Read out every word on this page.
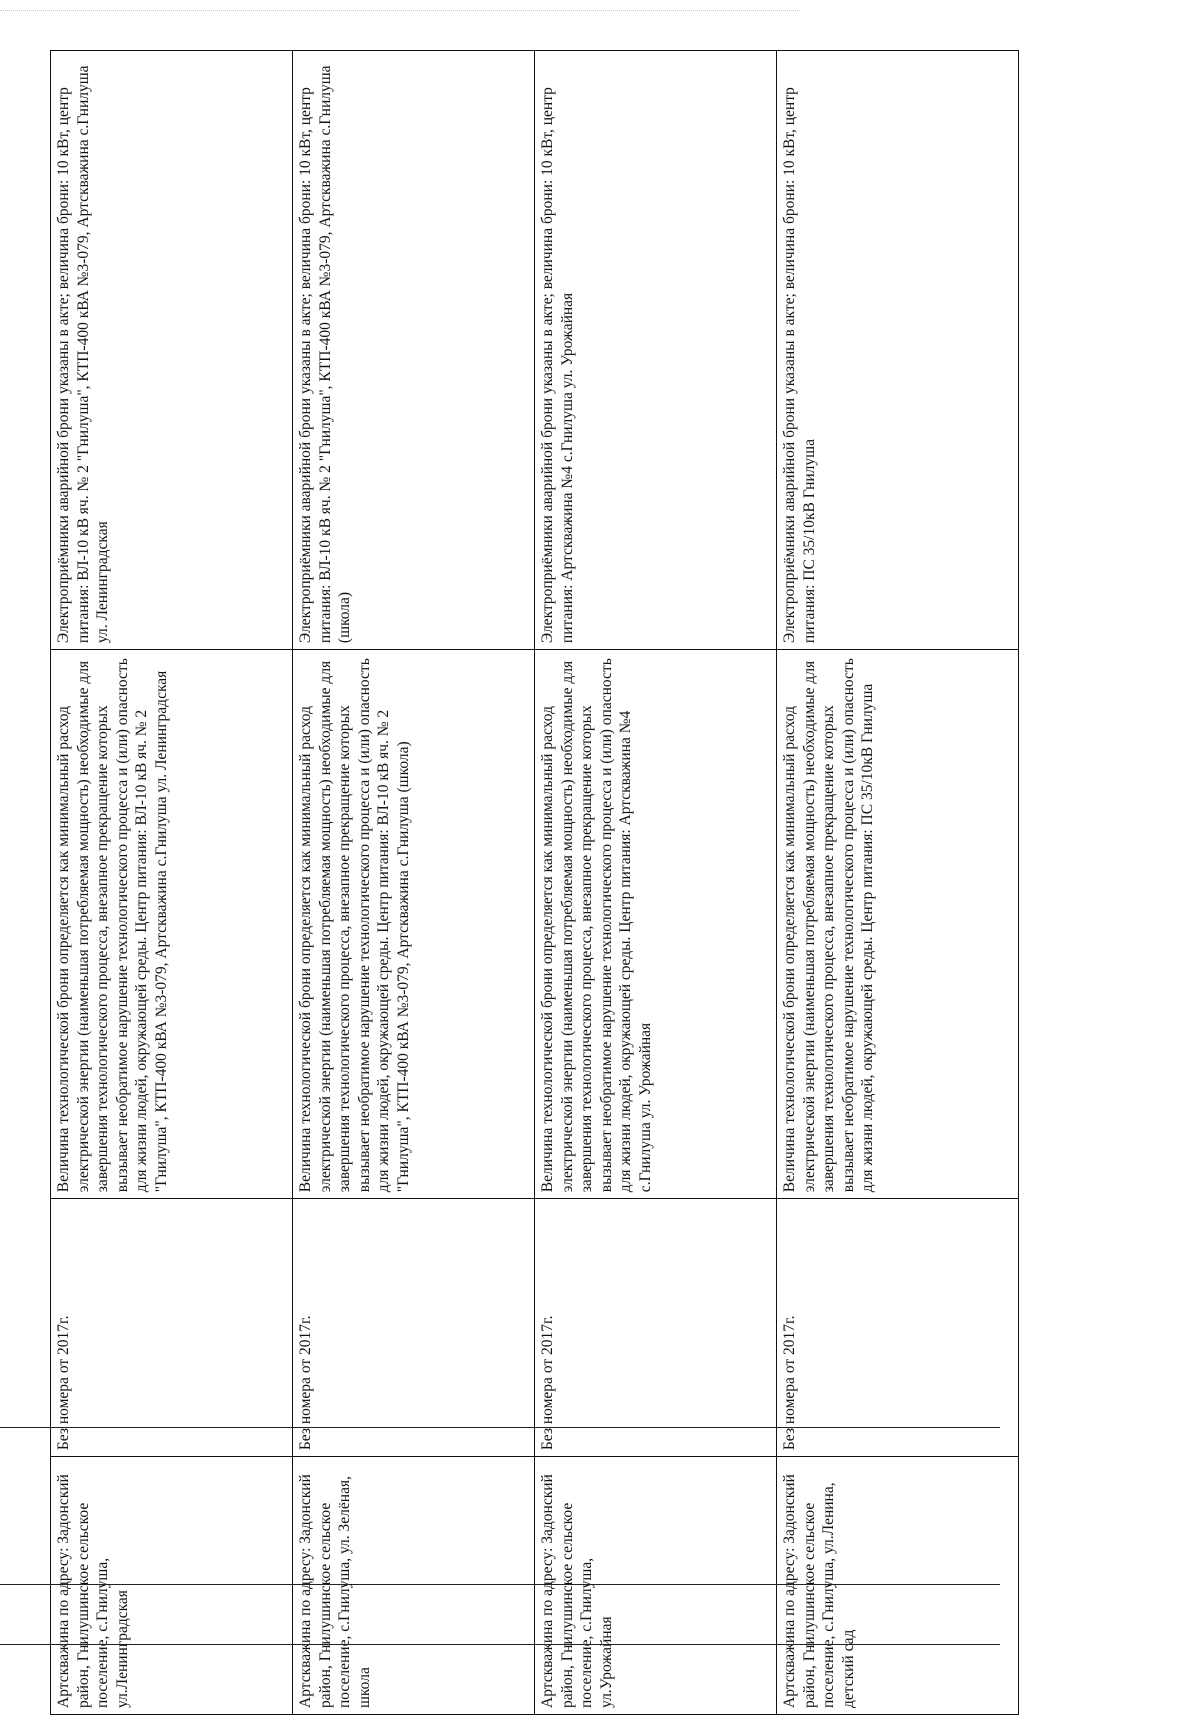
Артскважина по адресу: Задонский район, Гнилушинское сельское поселение, с.Гнилуша, ул.Ленинградская	Без номера от 2017г.	Величина технологической брони определяется как минимальный расход электрической энергии (наименьшая потребляемая мощность) необходимые для завершения технологического процесса, внезапное прекращение которых вызывает необратимое нарушение технологического процесса и (или) опасность для жизни людей, окружающей среды. Центр питания: ВЛ-10 кВ яч. № 2 "Гнилуша", КТП-400 кВА №3-079, Артскважина с.Гнилуша ул. Ленинградская	Электроприёмники аварийной брони указаны в акте; величина брони: 10 кВт, центр питания: ВЛ-10 кВ яч. № 2 "Гнилуша", КТП-400 кВА №3-079, Артскважина с.Гнилуша ул. Ленинградская
Артскважина по адресу: Задонский район, Гнилушинское сельское поселение, с.Гнилуша, ул. Зелёная, школа	Без номера от 2017г.	Величина технологической брони определяется как минимальный расход электрической энергии (наименьшая потребляемая мощность) необходимые для завершения технологического процесса, внезапное прекращение которых вызывает необратимое нарушение технологического процесса и (или) опасность для жизни людей, окружающей среды. Центр питания: ВЛ-10 кВ яч. № 2 "Гнилуша", КТП-400 кВА №3-079, Артскважина с.Гнилуша (школа)	Электроприёмники аварийной брони указаны в акте; величина брони: 10 кВт, центр питания: ВЛ-10 кВ яч. № 2 "Гнилуша", КТП-400 кВА №3-079, Артскважина с.Гнилуша (школа)
Артскважина по адресу: Задонский район, Гнилушинское сельское поселение, с.Гнилуша, ул.Урожайная	Без номера от 2017г.	Величина технологической брони определяется как минимальный расход электрической энергии (наименьшая потребляемая мощность) необходимые для завершения технологического процесса, внезапное прекращение которых вызывает необратимое нарушение технологического процесса и (или) опасность для жизни людей, окружающей среды. Центр питания: Артскважина №4 с.Гнилуша ул. Урожайная	Электроприёмники аварийной брони указаны в акте; величина брони: 10 кВт, центр питания: Артскважина №4 с.Гнилуша ул. Урожайная
Артскважина по адресу: Задонский район, Гнилушинское сельское поселение, с.Гнилуша, ул.Ленина, детский сад	Без номера от 2017г.	Величина технологической брони определяется как минимальный расход электрической энергии (наименьшая потребляемая мощность) необходимые для завершения технологического процесса, внезапное прекращение которых вызывает необратимое нарушение технологического процесса и (или) опасность для жизни людей, окружающей среды. Центр питания: ПС 35/10кВ Гнилуша	Электроприёмники аварийной брони указаны в акте; величина брони: 10 кВт, центр питания: ПС 35/10кВ Гнилуша
